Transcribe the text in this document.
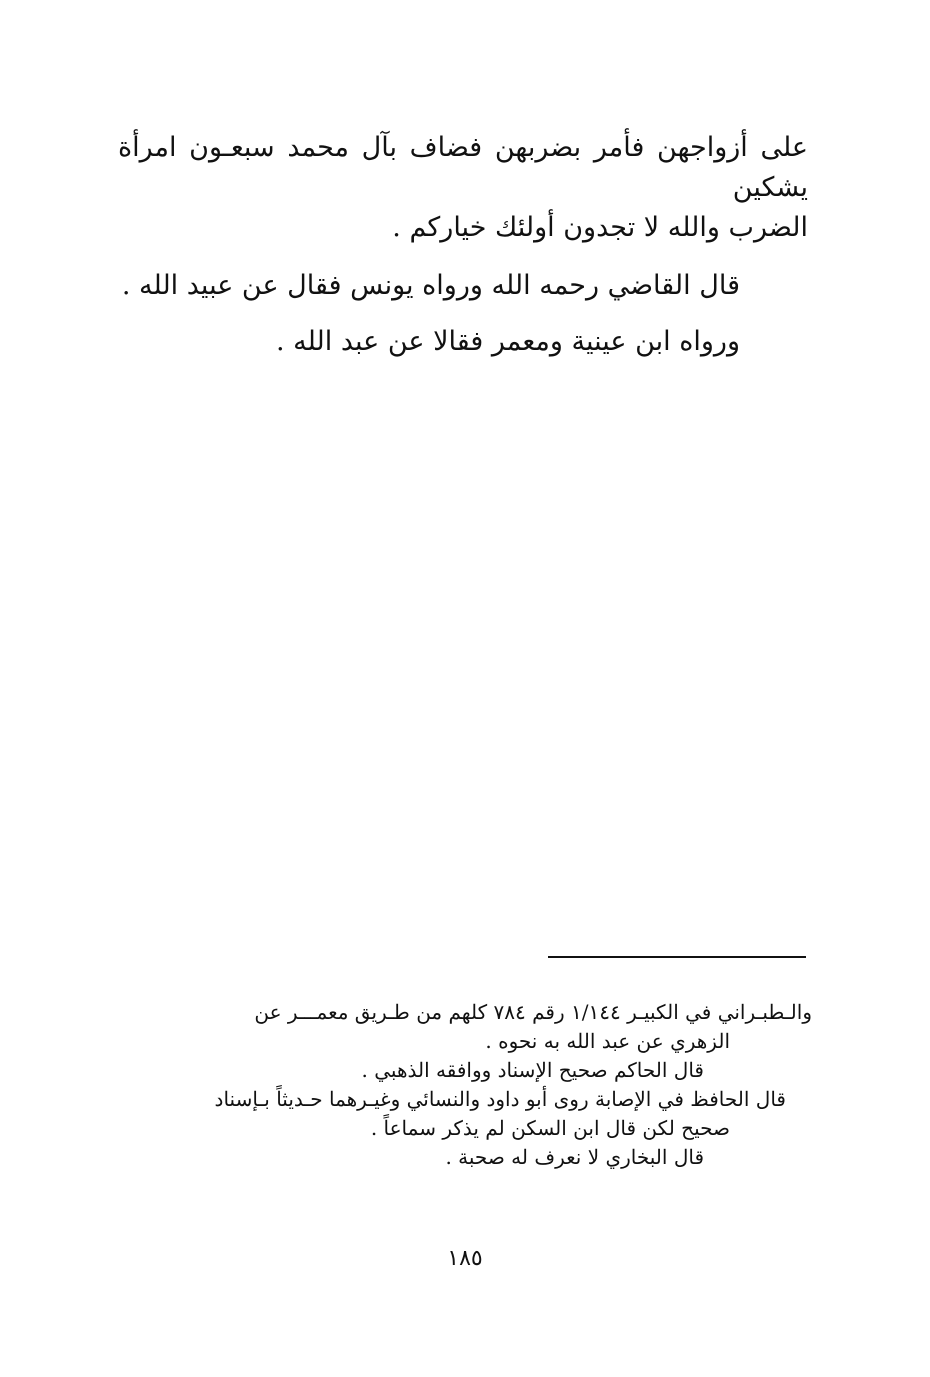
على أزواجهن فأمر بضربهن فضاف بآل محمد سبعـون امرأة يشكين
الضرب والله لا تجدون أولئك خياركم .
قال القاضي رحمه الله ورواه يونس فقال عن عبيد الله .
ورواه ابن عينية ومعمر فقالا عن عبد الله .
والـطبـراني في الكبيـر ١/١٤٤ رقم ٧٨٤ كلهم من طـريق معمـــر عن
الزهري عن عبد الله به نحوه .
قال الحاكم صحيح الإسناد ووافقه الذهبي .
قال الحافظ في الإصابة روى أبو داود والنسائي وغيـرهما حـديثاً بـإسناد
صحيح لكن قال ابن السكن لم يذكر سماعاً .
قال البخاري لا نعرف له صحبة .
١٨٥
